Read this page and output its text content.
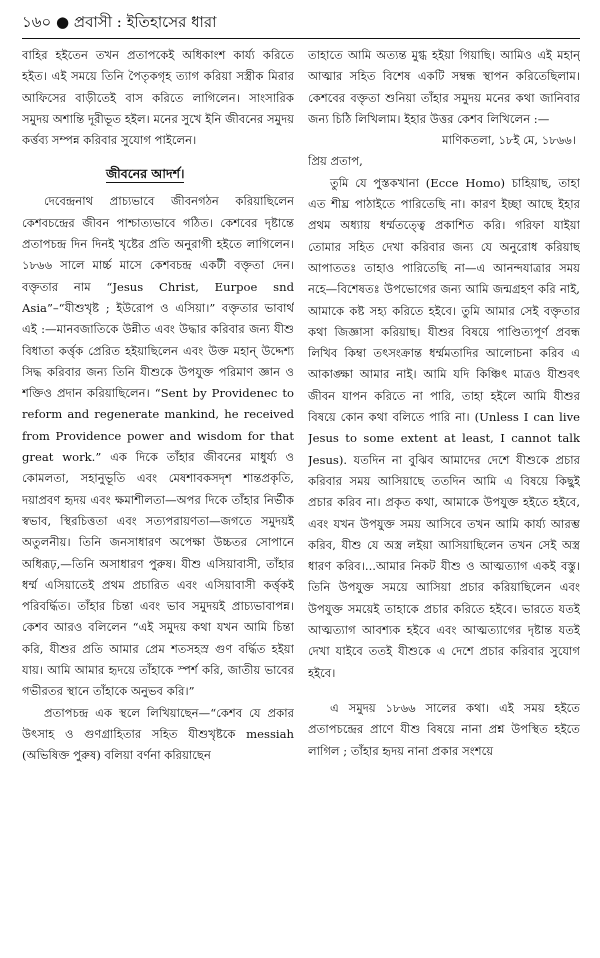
১৬০ ● প্রবাসী : ইতিহাসের ধারা

বাহির হইতেন তখন প্রতাপকেই অধিকাংশ কার্য্য করিতে হইত। এই সময়ে তিনি পৈতৃকগৃহ ত্যাগ করিয়া সস্ত্রীক মিরার আফিসের বাড়ীতেই বাস করিতে লাগিলেন। সাংসারিক সমুদয় অশান্তি দূরীভূত হইল। মনের সুখে ইনি জীবনের সমুদয় কর্ত্তব্য সম্পন্ন করিবার সুযোগ পাইলেন।

জীবনের আদর্শ।

দেবেন্দ্রনাথ প্রাচ্যভাবে জীবনগঠন করিয়াছিলেন কেশবচন্দ্রের জীবন পাশ্চাত্যভাবে গঠিত। কেশবের দৃষ্টান্তে প্রতাপচন্দ্র দিন দিনই খৃষ্টের প্রতি অনুরাগী হইতে লাগিলেন। ১৮৬৬ সালে মার্চ্চ মাসে কেশবচন্দ্র একটী বক্তৃতা দেন। বক্তৃতার নাম “Jesus Christ, Eurpoe snd Asia”–“যীশুখৃষ্ট ; ইউরোপ ও এসিয়া।” বক্তৃতার ভাবার্থ এই :—মানবজাতিকে উন্নীত এবং উদ্ধার করিবার জন্য যীশু বিধাতা কর্ত্তৃক প্রেরিত হইয়াছিলেন এবং উক্ত মহান্‌ উদ্দেশ্য সিদ্ধ করিবার জন্য তিনি যীশুকে উপযুক্ত পরিমাণ জ্ঞান ও শক্তিও প্রদান করিয়াছিলেন। “Sent by Providenec to reform and regenerate mankind, he received from Providence power and wisdom for that great work.” এক দিকে তাঁহার জীবনের মাধুর্য্য ও কোমলতা, সহানুভূতি এবং মেষশাবকসদৃশ শান্তপ্রকৃতি, দয়াপ্রবণ হৃদয় এবং ক্ষমাশীলতা—অপর দিকে তাঁহার নির্ভীক স্বভাব, স্থিরচিত্ততা এবং সত্যপরায়ণতা—জগতে সমুদয়ই অতুলনীয়। তিনি জনসাধারণ অপেক্ষা উচ্চতর সোপানে অধিরূঢ়,—তিনি অসাধারণ পুরুষ। যীশু এসিয়াবাসী, তাঁহার ধর্ম্ম এসিয়াতেই প্রথম প্রচারিত এবং এসিয়াবাসী কর্ত্তৃকই পরিবর্দ্ধিত। তাঁহার চিন্তা এবং ভাব সমুদয়ই প্রাচ্যভাবাপন্ন। কেশব আরও বলিলেন “এই সমুদয় কথা যখন আমি চিন্তা করি, যীশুর প্রতি আমার প্রেম শতসহস্র গুণ বর্দ্ধিত হইয়া যায়। আমি আমার হৃদয়ে তাঁহাকে স্পর্শ করি, জাতীয় ভাবের গভীরতর স্থানে তাঁহাকে অনুভব করি।”

প্রতাপচন্দ্র এক স্থলে লিখিয়াছেন—“কেশব যে প্রকার উৎসাহ ও গুণগ্রাহিতার সহিত যীশুখৃষ্টকে messiah (অভিষিক্ত পুরুষ) বলিয়া বর্ণনা করিয়াছেন

তাহাতে আমি অত্যন্ত মুগ্ধ হইয়া গিয়াছি। আমিও এই মহান্‌ আত্মার সহিত বিশেষ একটি সম্বন্ধ স্থাপন করিতেছিলাম। কেশবের বক্তৃতা শুনিয়া তাঁহার সমুদয় মনের কথা জানিবার জন্য চিঠি লিখিলাম। ইহার উত্তর কেশব লিখিলেন :—

মাণিকতলা, ১৮ই মে, ১৮৬৬।

প্রিয় প্রতাপ,

তুমি যে পুস্তকখানা (Ecce Homo) চাহিয়াছ, তাহা এত শীঘ্র পাঠাইতে পারিতেছি না। কারণ ইচ্ছা আছে ইহার প্রথম অধ্যায় ধর্ম্মতত্ত্বে প্রকাশিত করি। গরিফা যাইয়া তোমার সহিত দেখা করিবার জন্য যে অনুরোধ করিয়াছ আপাততঃ তাহাও পারিতেছি না—এ আনন্দযাত্রার সময় নহে—বিশেষতঃ উপভোগের জন্য আমি জন্মগ্রহণ করি নাই, আমাকে কষ্ট সহ্য করিতে হইবে। তুমি আমার সেই বক্তৃতার কথা জিজ্ঞাসা করিয়াছ। যীশুর বিষয়ে পাণ্ডিত্যপূর্ণ প্রবন্ধ লিখিব কিম্বা তৎসংক্রান্ত ধর্ম্মমতাদির আলোচনা করিব এ আকাঙ্ক্ষা আমার নাই। আমি যদি কিঞ্চিৎ মাত্রও যীশুবৎ জীবন যাপন করিতে না পারি, তাহা হইলে আমি যীশুর বিষয়ে কোন কথা বলিতে পারি না। (Unless I can live Jesus to some extent at least, I cannot talk Jesus). যতদিন না বুঝিব আমাদের দেশে যীশুকে প্রচার করিবার সময় আসিয়াছে ততদিন আমি এ বিষয়ে কিছুই প্রচার করিব না। প্রকৃত কথা, আমাকে উপযুক্ত হইতে হইবে, এবং যখন উপযুক্ত সময় আসিবে তখন আমি কার্য্য আরম্ভ করিব, যীশু যে অস্ত্র লইয়া আসিয়াছিলেন তখন সেই অস্ত্র ধারণ করিব।...আমার নিকট যীশু ও আত্মত্যাগ একই বস্তু। তিনি উপযুক্ত সময়ে আসিয়া প্রচার করিয়াছিলেন এবং উপযুক্ত সময়েই তাহাকে প্রচার করিতে হইবে। ভারতে যতই আত্মত্যাগ আবশ্যক হইবে এবং আত্মত্যাগের দৃষ্টান্ত যতই দেখা যাইবে ততই যীশুকে এ দেশে প্রচার করিবার সুযোগ হইবে।

এ সমুদয় ১৮৬৬ সালের কথা। এই সময় হইতে প্রতাপচন্দ্রের প্রাণে যীশু বিষয়ে নানা প্রশ্ন উপস্থিত হইতে লাগিল ; তাঁহার হৃদয় নানা প্রকার সংশয়ে
